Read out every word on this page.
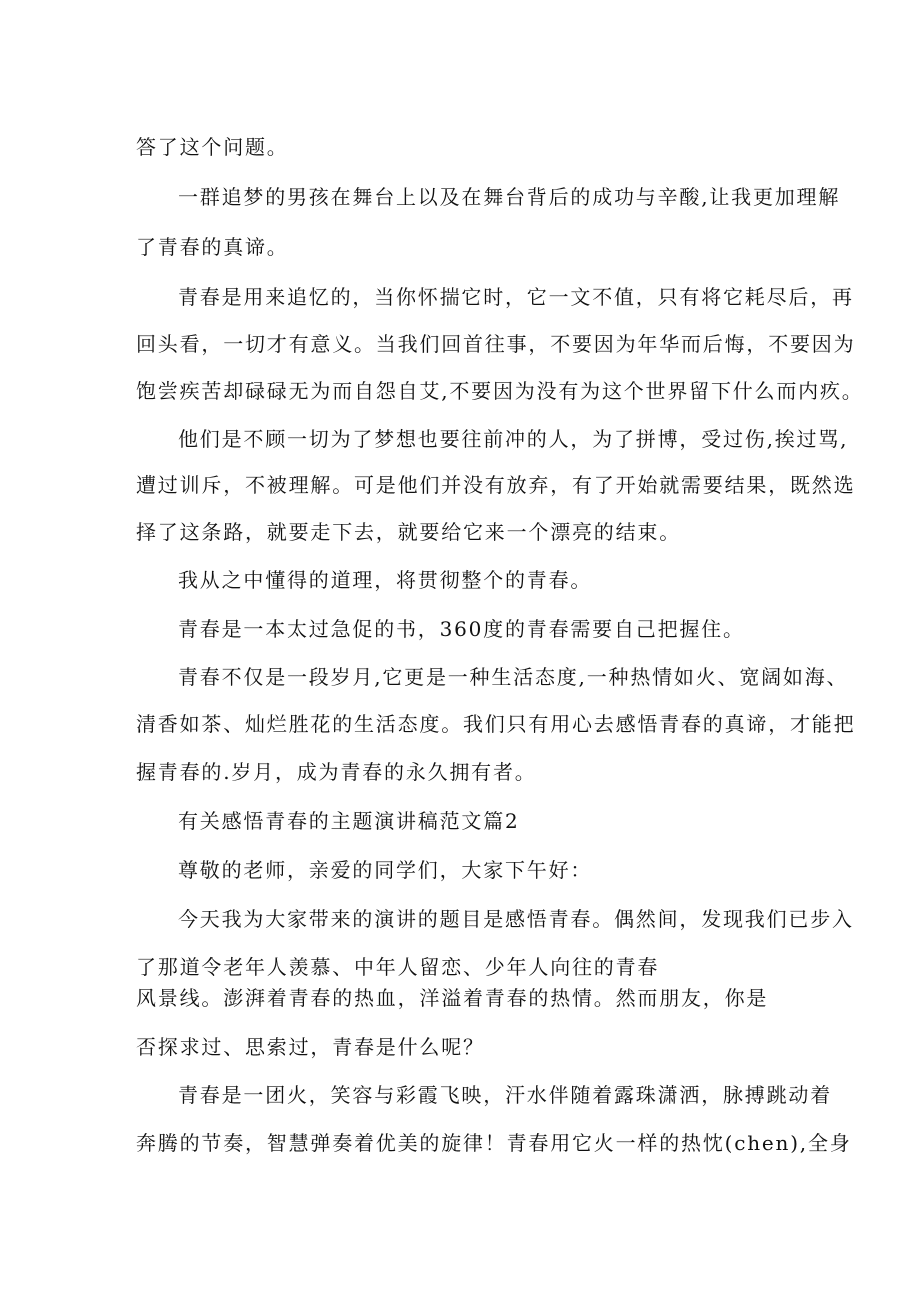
答了这个问题。

一群追梦的男孩在舞台上以及在舞台背后的成功与辛酸,让我更加理解

了青春的真谛。

青春是用来追忆的，当你怀揣它时，它一文不值，只有将它耗尽后，再

回头看，一切才有意义。当我们回首往事，不要因为年华而后悔，不要因为

饱尝疾苦却碌碌无为而自怨自艾,不要因为没有为这个世界留下什么而内疚。

他们是不顾一切为了梦想也要往前冲的人，为了拼博，受过伤,挨过骂,

遭过训斥，不被理解。可是他们并没有放弃，有了开始就需要结果，既然选

择了这条路，就要走下去，就要给它来一个漂亮的结束。

我从之中懂得的道理，将贯彻整个的青春。

青春是一本太过急促的书，360度的青春需要自己把握住。

青春不仅是一段岁月,它更是一种生活态度,一种热情如火、宽阔如海、

清香如茶、灿烂胜花的生活态度。我们只有用心去感悟青春的真谛，才能把

握青春的.岁月，成为青春的永久拥有者。

有关感悟青春的主题演讲稿范文篇2

尊敬的老师，亲爱的同学们，大家下午好：

今天我为大家带来的演讲的题目是感悟青春。偶然间，发现我们已步入

了那道令老年人羡慕、中年人留恋、少年人向往的青春

风景线。澎湃着青春的热血，洋溢着青春的热情。然而朋友，你是

否探求过、思索过，青春是什么呢？

青春是一团火，笑容与彩霞飞映，汗水伴随着露珠潇洒，脉搏跳动着

奔腾的节奏，智慧弹奏着优美的旋律！青春用它火一样的热忱(chen),全身
